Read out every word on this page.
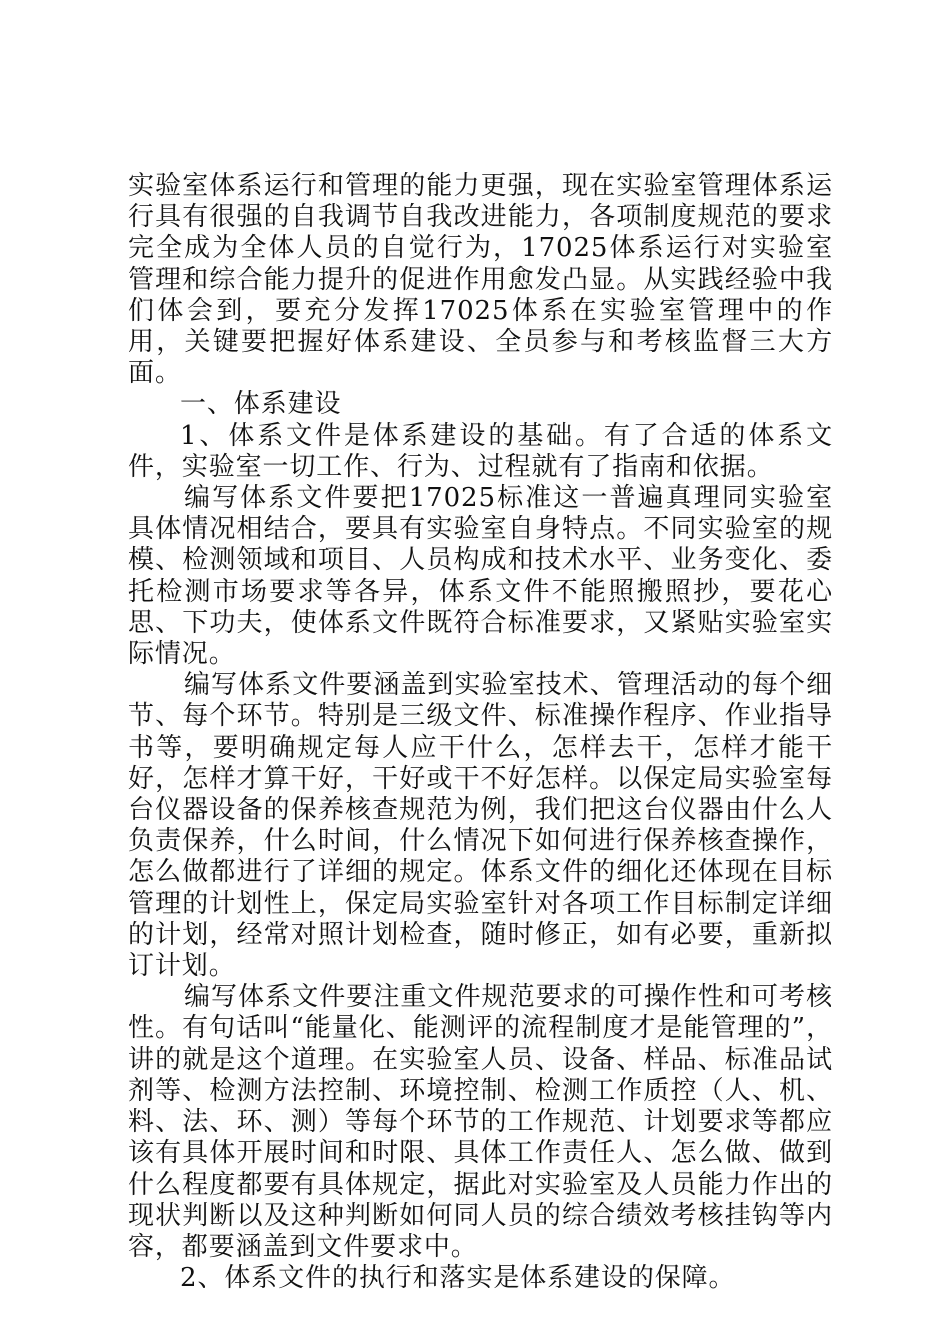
实验室体系运行和管理的能力更强，现在实验室管理体系运行具有很强的自我调节自我改进能力，各项制度规范的要求完全成为全体人员的自觉行为，17025体系运行对实验室管理和综合能力提升的促进作用愈发凸显。从实践经验中我们体会到，要充分发挥17025体系在实验室管理中的作用，关键要把握好体系建设、全员参与和考核监督三大方面。

一、体系建设

1、体系文件是体系建设的基础。有了合适的体系文件，实验室一切工作、行为、过程就有了指南和依据。

编写体系文件要把17025标准这一普遍真理同实验室具体情况相结合，要具有实验室自身特点。不同实验室的规模、检测领域和项目、人员构成和技术水平、业务变化、委托检测市场要求等各异，体系文件不能照搬照抄，要花心思、下功夫，使体系文件既符合标准要求，又紧贴实验室实际情况。

编写体系文件要涵盖到实验室技术、管理活动的每个细节、每个环节。特别是三级文件、标准操作程序、作业指导书等，要明确规定每人应干什么，怎样去干，怎样才能干好，怎样才算干好，干好或干不好怎样。以保定局实验室每台仪器设备的保养核查规范为例，我们把这台仪器由什么人负责保养，什么时间，什么情况下如何进行保养核查操作，怎么做都进行了详细的规定。体系文件的细化还体现在目标管理的计划性上，保定局实验室针对各项工作目标制定详细的计划，经常对照计划检查，随时修正，如有必要，重新拟订计划。

编写体系文件要注重文件规范要求的可操作性和可考核性。有句话叫“能量化、能测评的流程制度才是能管理的”，讲的就是这个道理。在实验室人员、设备、样品、标准品试剂等、检测方法控制、环境控制、检测工作质控（人、机、料、法、环、测）等每个环节的工作规范、计划要求等都应该有具体开展时间和时限、具体工作责任人、怎么做、做到什么程度都要有具体规定，据此对实验室及人员能力作出的现状判断以及这种判断如何同人员的综合绩效考核挂钩等内容，都要涵盖到文件要求中。

2、体系文件的执行和落实是体系建设的保障。
